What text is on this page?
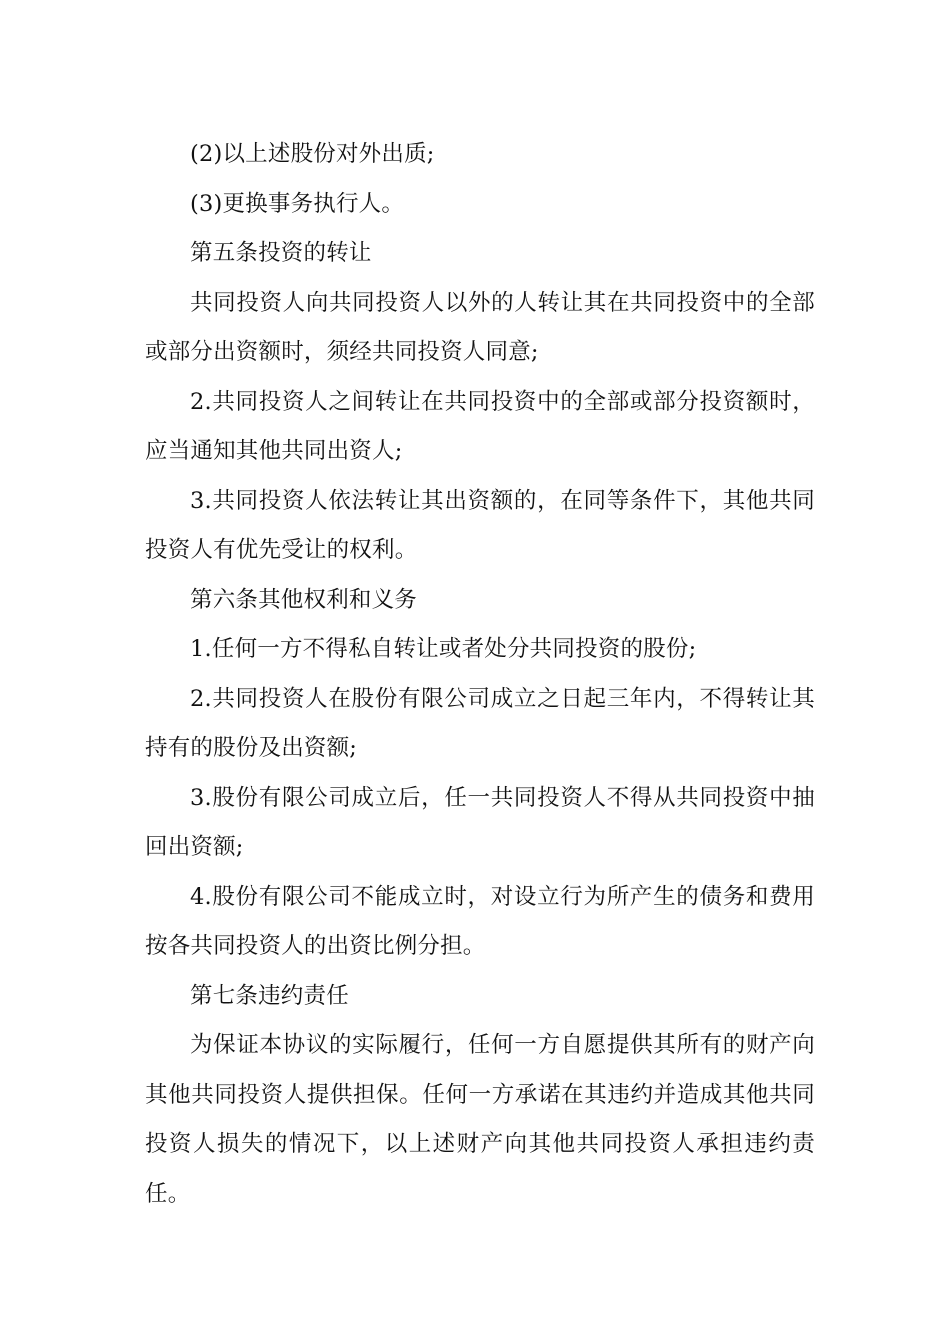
(2)以上述股份对外出质;

(3)更换事务执行人。

第五条投资的转让

共同投资人向共同投资人以外的人转让其在共同投资中的全部或部分出资额时，须经共同投资人同意;

2.共同投资人之间转让在共同投资中的全部或部分投资额时，应当通知其他共同出资人;

3.共同投资人依法转让其出资额的，在同等条件下，其他共同投资人有优先受让的权利。

第六条其他权利和义务

1.任何一方不得私自转让或者处分共同投资的股份;

2.共同投资人在股份有限公司成立之日起三年内，不得转让其持有的股份及出资额;

3.股份有限公司成立后，任一共同投资人不得从共同投资中抽回出资额;

4.股份有限公司不能成立时，对设立行为所产生的债务和费用按各共同投资人的出资比例分担。

第七条违约责任

为保证本协议的实际履行，任何一方自愿提供其所有的财产向其他共同投资人提供担保。任何一方承诺在其违约并造成其他共同投资人损失的情况下，以上述财产向其他共同投资人承担违约责任。
